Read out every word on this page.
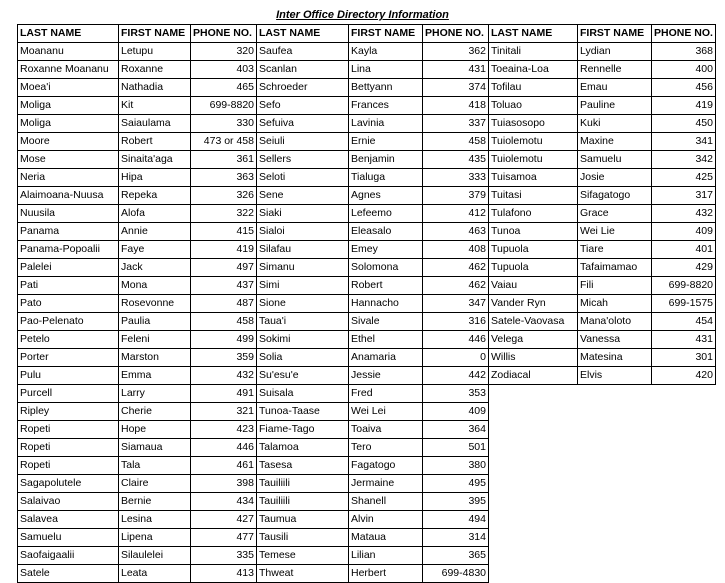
Inter Office Directory Information
LAST NAME	FIRST NAME	PHONE NO.	LAST NAME	FIRST NAME	PHONE NO.	LAST NAME	FIRST NAME	PHONE NO.
Moananu	Letupu	320	Saufea	Kayla	362	Tinitali	Lydian	368
Roxanne Moananu	Roxanne	403	Scanlan	Lina	431	Toeaina-Loa	Rennelle	400
Moea'i	Nathadia	465	Schroeder	Bettyann	374	Tofilau	Emau	456
Moliga	Kit	699-8820	Sefo	Frances	418	Toluao	Pauline	419
Moliga	Saiaulama	330	Sefuiva	Lavinia	337	Tuiasosopo	Kuki	450
Moore	Robert	473 or 458	Seiuli	Ernie	458	Tuiolemotu	Maxine	341
Mose	Sinaita'aga	361	Sellers	Benjamin	435	Tuiolemotu	Samuelu	342
Neria	Hipa	363	Seloti	Tialuga	333	Tuisamoa	Josie	425
Alaimoana-Nuusa	Repeka	326	Sene	Agnes	379	Tuitasi	Sifagatogo	317
Nuusila	Alofa	322	Siaki	Lefeemo	412	Tulafono	Grace	432
Panama	Annie	415	Sialoi	Eleasalo	463	Tunoa	Wei Lie	409
Panama-Popoalii	Faye	419	Silafau	Emey	408	Tupuola	Tiare	401
Palelei	Jack	497	Simanu	Solomona	462	Tupuola	Tafaimamao	429
Pati	Mona	437	Simi	Robert	462	Vaiau	Fili	699-8820
Pato	Rosevonne	487	Sione	Hannacho	347	Vander Ryn	Micah	699-1575
Pao-Pelenato	Paulia	458	Taua'i	Sivale	316	Satele-Vaovasa	Mana'oloto	454
Petelo	Feleni	499	Sokimi	Ethel	446	Velega	Vanessa	431
Porter	Marston	359	Solia	Anamaria	0	Willis	Matesina	301
Pulu	Emma	432	Su'esu'e	Jessie	442	Zodiacal	Elvis	420
Purcell	Larry	491	Suisala	Fred	353			
Ripley	Cherie	321	Tunoa-Taase	Wei Lei	409			
Ropeti	Hope	423	Fiame-Tago	Toaiva	364			
Ropeti	Siamaua	446	Talamoa	Tero	501			
Ropeti	Tala	461	Tasesa	Fagatogo	380			
Sagapolutele	Claire	398	Tauiliili	Jermaine	495			
Salaivao	Bernie	434	Tauiliili	Shanell	395			
Salavea	Lesina	427	Taumua	Alvin	494			
Samuelu	Lipena	477	Tausili	Mataua	314			
Saofaigaalii	Silaulelei	335	Temese	Lilian	365			
Satele	Leata	413	Thweat	Herbert	699-4830			
